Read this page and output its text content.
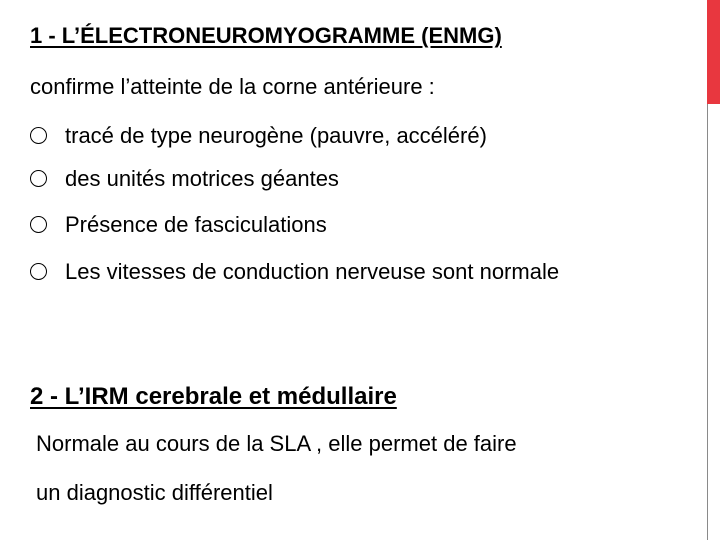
1 - L’ÉLECTRONEUROMYOGRAMME (ENMG)
confirme l’atteinte de la corne antérieure :
tracé de type neurogène (pauvre, accéléré)
des unités motrices géantes
Présence de fasciculations
Les vitesses de conduction nerveuse sont normale
2 - L’IRM cerebrale et médullaire
Normale au cours de la SLA , elle permet de faire
un diagnostic différentiel
